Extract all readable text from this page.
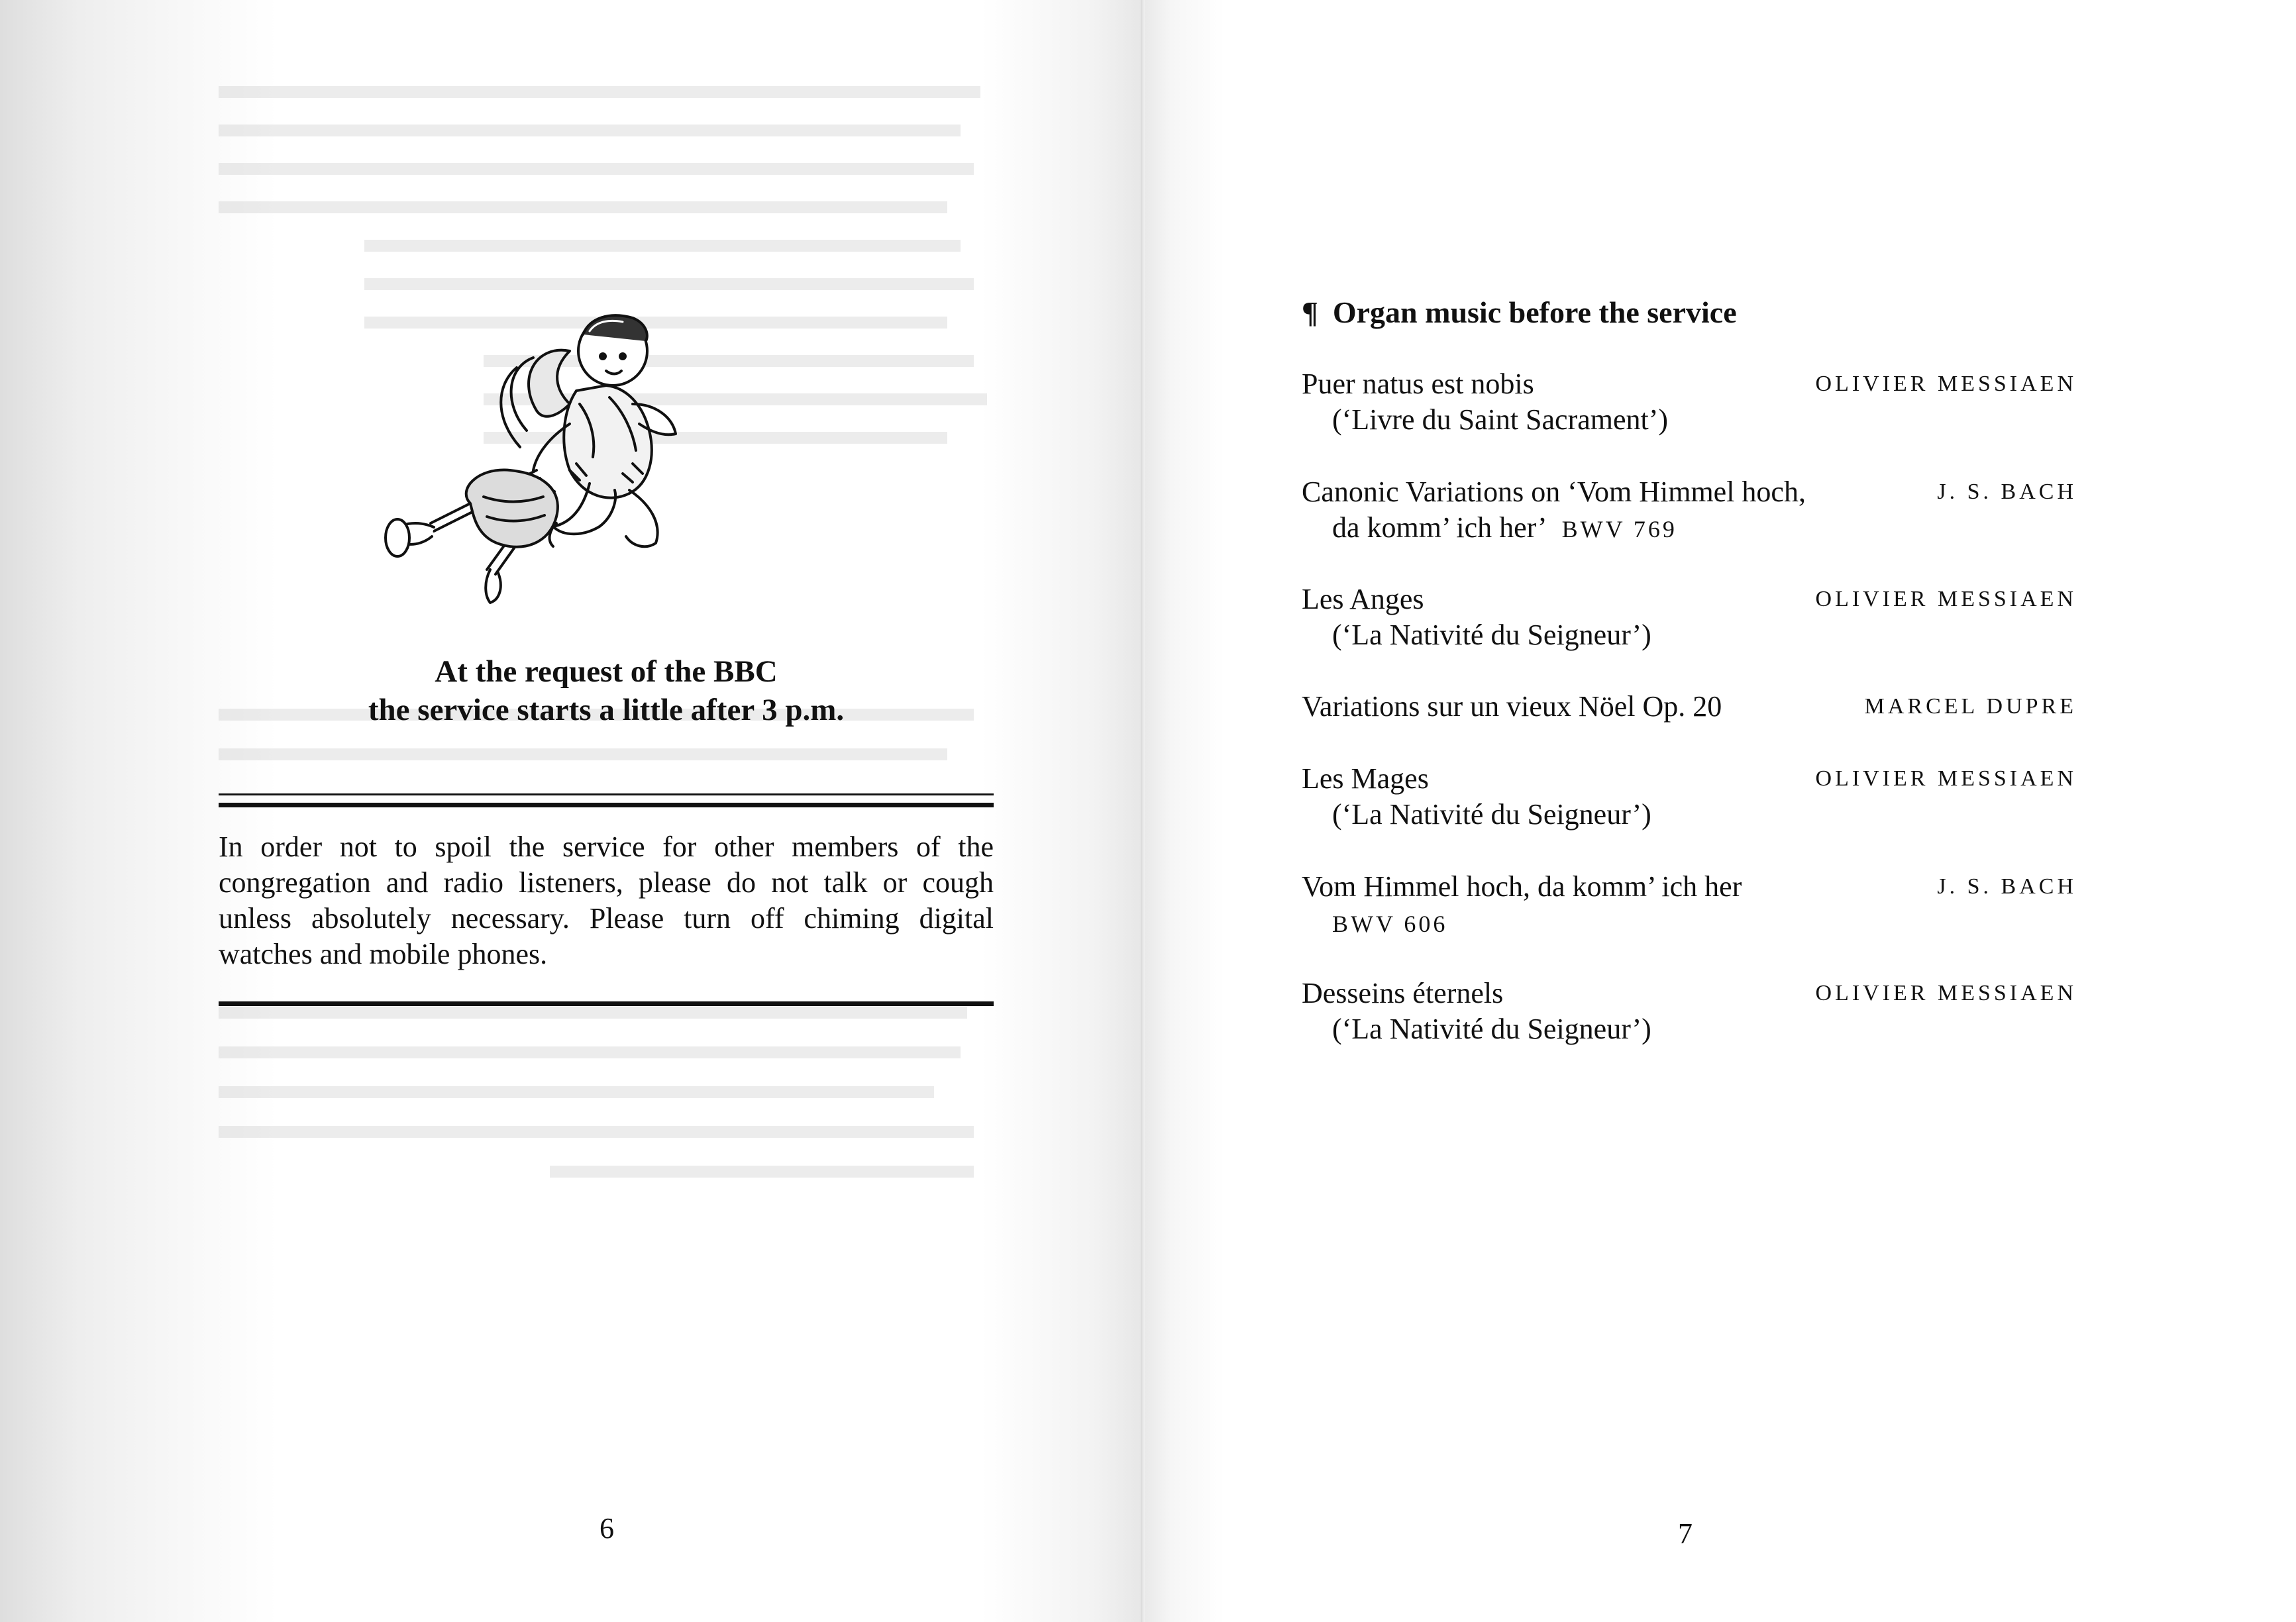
At the request of the BBC
the service starts a little after 3 p.m.
In order not to spoil the service for other members of the congregation and radio listeners, please do not talk or cough unless absolutely necessary. Please turn off chiming digital watches and mobile phones.
6
¶ Organ music before the service
Puer natus est nobis
(‘Livre du Saint Sacrament’)
OLIVIER MESSIAEN
Canonic Variations on ‘Vom Himmel hoch,
da komm’ ich her’ BWV 769
J. S. BACH
Les Anges
(‘La Nativité du Seigneur’)
OLIVIER MESSIAEN
Variations sur un vieux Nöel Op. 20	MARCEL DUPRE
Les Mages
(‘La Nativité du Seigneur’)
OLIVIER MESSIAEN
Vom Himmel hoch, da komm’ ich her
BWV 606
J. S. BACH
Desseins éternels
(‘La Nativité du Seigneur’)
OLIVIER MESSIAEN
7
